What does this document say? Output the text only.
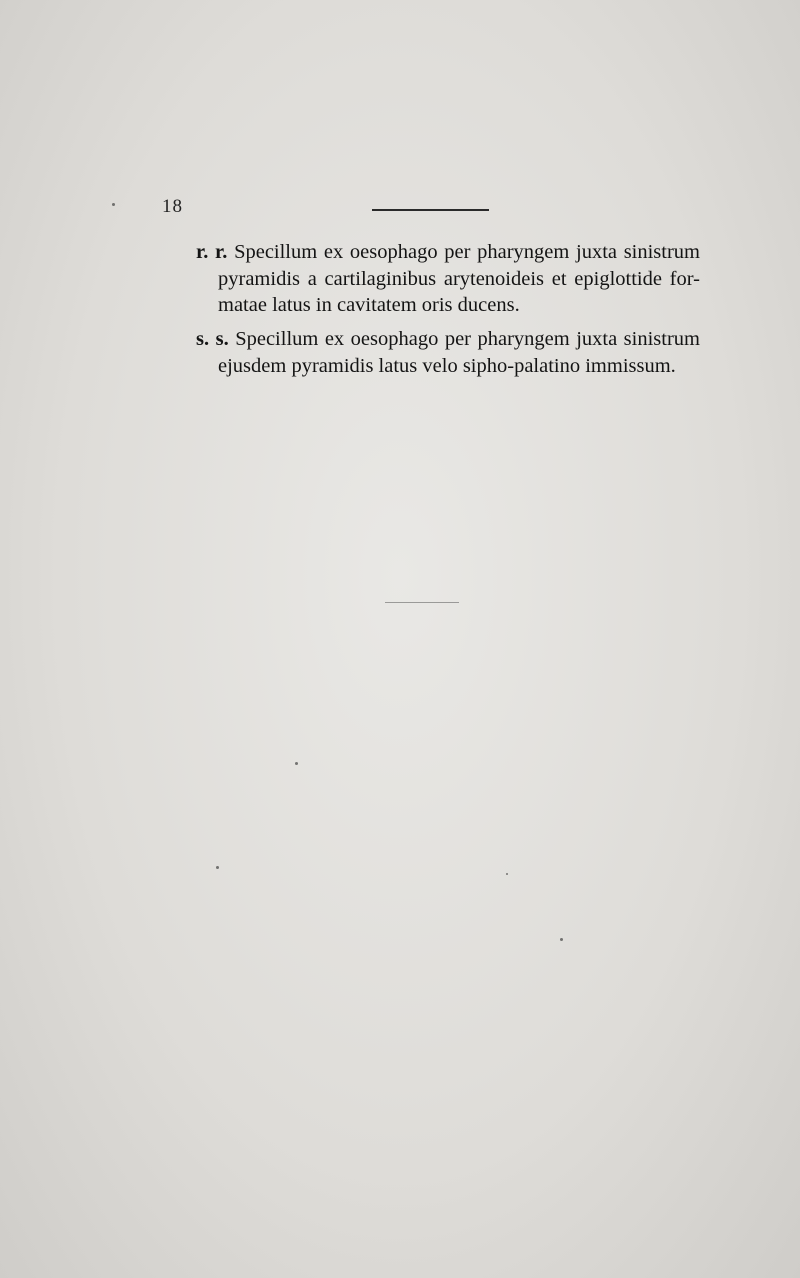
18
r. r. Specillum ex oesophago per pharyngem juxta sinistrum
pyramidis a cartilaginibus arytenoideis et epiglottide for-
matae latus in cavitatem oris ducens.
s. s. Specillum ex oesophago per pharyngem juxta sinistrum
ejusdem pyramidis latus velo sipho-palatino immissum.
